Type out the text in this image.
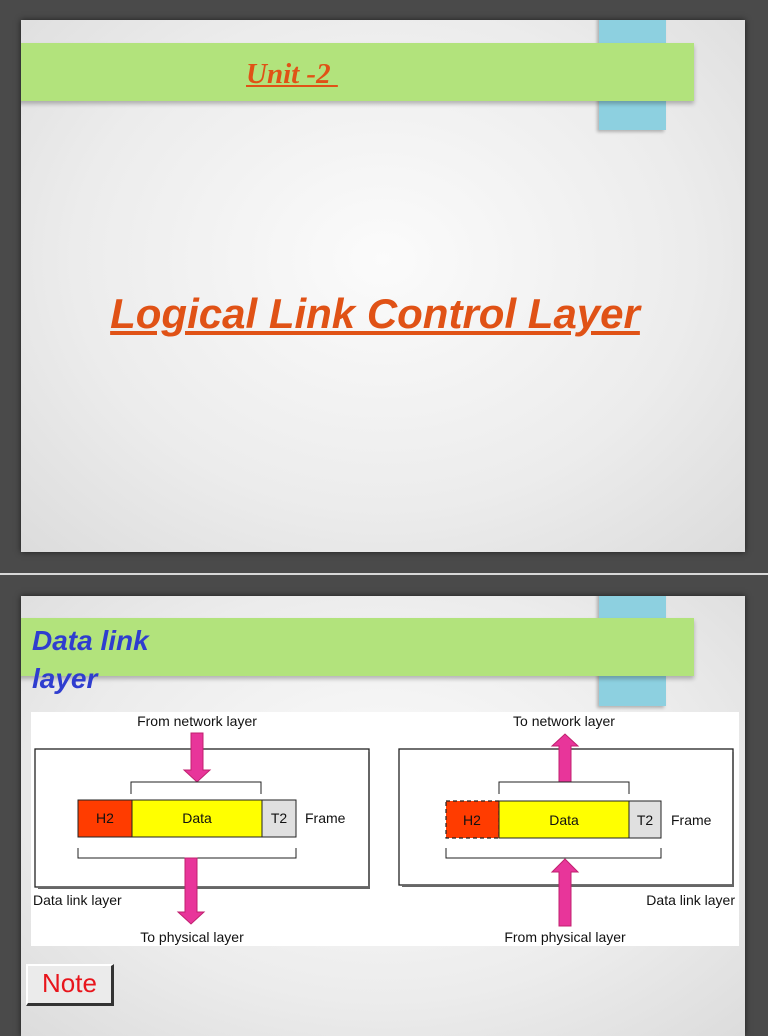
Unit -2
Logical Link Control Layer
Data link
layer
From network layer
H2	Data	T2 Frame
Data link layer
To physical layer
To network layer
H2	Data	T2 Frame
Data link layer
From physical layer
Note
